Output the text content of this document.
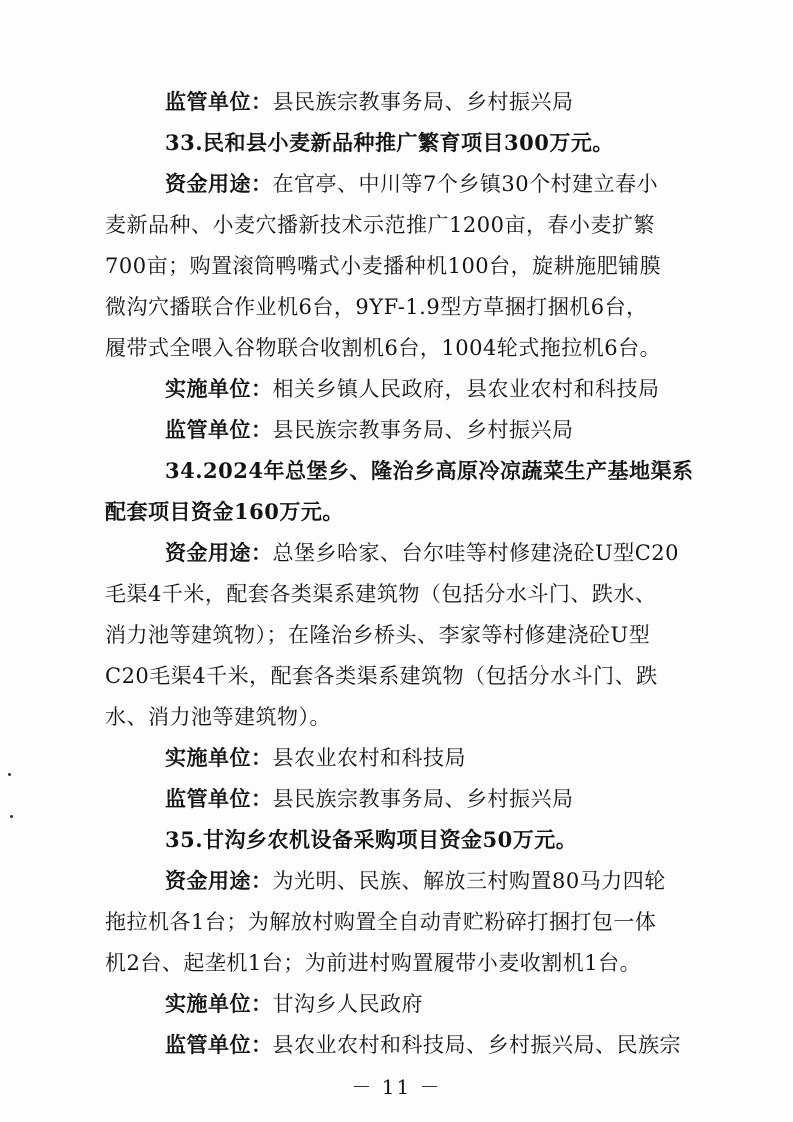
监管单位：县民族宗教事务局、乡村振兴局
33.民和县小麦新品种推广繁育项目300万元。
资金用途：在官亭、中川等7个乡镇30个村建立春小
麦新品种、小麦穴播新技术示范推广1200亩，春小麦扩繁
700亩；购置滚筒鸭嘴式小麦播种机100台，旋耕施肥铺膜
微沟穴播联合作业机6台，9YF-1.9型方草捆打捆机6台，
履带式全喂入谷物联合收割机6台，1004轮式拖拉机6台。
实施单位：相关乡镇人民政府，县农业农村和科技局
监管单位：县民族宗教事务局、乡村振兴局
34.2024年总堡乡、隆治乡高原冷凉蔬菜生产基地渠系
配套项目资金160万元。
资金用途：总堡乡哈家、台尔哇等村修建浇砼U型C20
毛渠4千米，配套各类渠系建筑物（包括分水斗门、跌水、
消力池等建筑物）；在隆治乡桥头、李家等村修建浇砼U型
C20毛渠4千米，配套各类渠系建筑物（包括分水斗门、跌
水、消力池等建筑物）。
实施单位：县农业农村和科技局
监管单位：县民族宗教事务局、乡村振兴局
35.甘沟乡农机设备采购项目资金50万元。
资金用途：为光明、民族、解放三村购置80马力四轮
拖拉机各1台；为解放村购置全自动青贮粉碎打捆打包一体
机2台、起垄机1台；为前进村购置履带小麦收割机1台。
实施单位：甘沟乡人民政府
监管单位：县农业农村和科技局、乡村振兴局、民族宗
－ 11 －
